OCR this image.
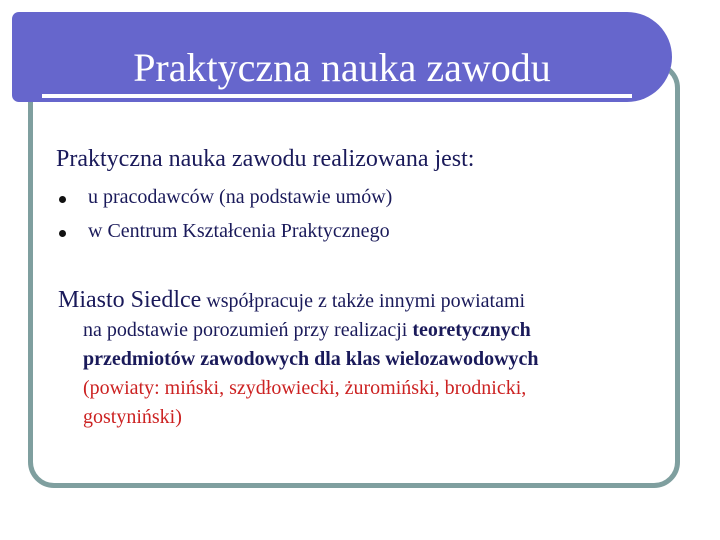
Praktyczna nauka zawodu

Praktyczna nauka zawodu realizowana jest:

u pracodawców (na podstawie umów)
w Centrum Kształcenia Praktycznego

Miasto Siedlce współpracuje z także innymi powiatami
na podstawie porozumień przy realizacji teoretycznych
przedmiotów zawodowych dla klas wielozawodowych
(powiaty: miński, szydłowiecki, żuromiński, brodnicki,
gostyniński)
